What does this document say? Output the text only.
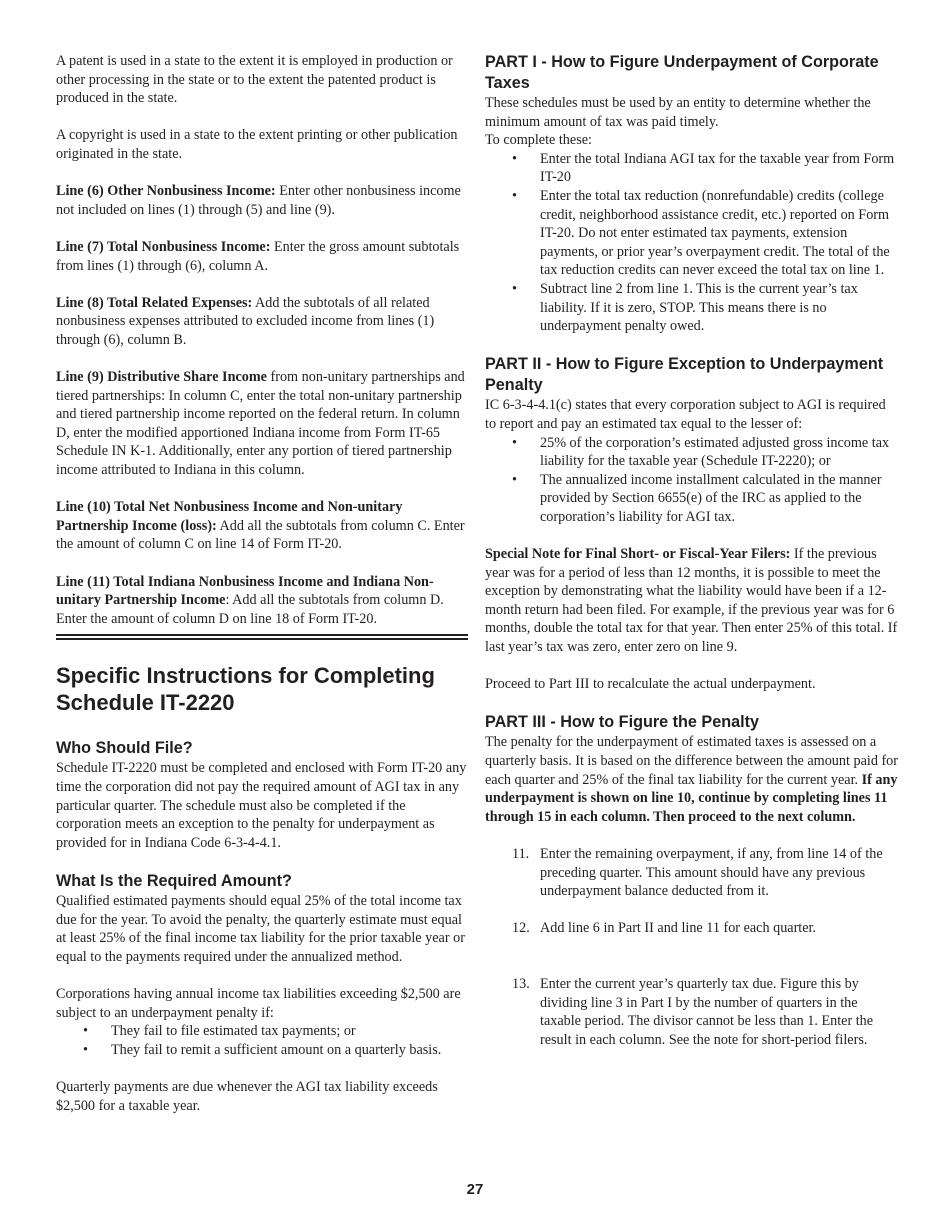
A patent is used in a state to the extent it is employed in production or other processing in the state or to the extent the patented product is produced in the state.

A copyright is used in a state to the extent printing or other publication originated in the state.

Line (6) Other Nonbusiness Income: Enter other nonbusiness income not included on lines (1) through (5) and line (9).

Line (7) Total Nonbusiness Income: Enter the gross amount subtotals from lines (1) through (6), column A.

Line (8) Total Related Expenses: Add the subtotals of all related nonbusiness expenses attributed to excluded income from lines (1) through (6), column B.

Line (9) Distributive Share Income from non-unitary partnerships and tiered partnerships: In column C, enter the total non-unitary partnership and tiered partnership income reported on the federal return. In column D, enter the modified apportioned Indiana income from Form IT-65 Schedule IN K-1. Additionally, enter any portion of tiered partnership income attributed to Indiana in this column.

Line (10) Total Net Nonbusiness Income and Non-unitary Partnership Income (loss): Add all the subtotals from column C. Enter the amount of column C on line 14 of Form IT-20.

Line (11) Total Indiana Nonbusiness Income and Indiana Non-unitary Partnership Income: Add all the subtotals from column D. Enter the amount of column D on line 18 of Form IT-20.

Specific Instructions for Completing Schedule IT-2220
Who Should File?

Schedule IT-2220 must be completed and enclosed with Form IT-20 any time the corporation did not pay the required amount of AGI tax in any particular quarter. The schedule must also be completed if the corporation meets an exception to the penalty for underpayment as provided for in Indiana Code 6-3-4-4.1.

What Is the Required Amount?

Qualified estimated payments should equal 25% of the total income tax due for the year. To avoid the penalty, the quarterly estimate must equal at least 25% of the final income tax liability for the prior taxable year or equal to the payments required under the annualized method.

Corporations having annual income tax liabilities exceeding $2,500 are subject to an underpayment penalty if:
• They fail to file estimated tax payments; or
• They fail to remit a sufficient amount on a quarterly basis.

Quarterly payments are due whenever the AGI tax liability exceeds $2,500 for a taxable year.

PART I - How to Figure Underpayment of Corporate Taxes
These schedules must be used by an entity to determine whether the minimum amount of tax was paid timely.
To complete these:
• Enter the total Indiana AGI tax for the taxable year from Form IT-20
• Enter the total tax reduction (nonrefundable) credits (college credit, neighborhood assistance credit, etc.) reported on Form IT-20. Do not enter estimated tax payments, extension payments, or prior year’s overpayment credit. The total of the tax reduction credits can never exceed the total tax on line 1.
• Subtract line 2 from line 1. This is the current year’s tax liability. If it is zero, STOP. This means there is no underpayment penalty owed.
PART II - How to Figure Exception to Underpayment Penalty
IC 6-3-4-4.1(c) states that every corporation subject to AGI is required to report and pay an estimated tax equal to the lesser of:
• 25% of the corporation’s estimated adjusted gross income tax liability for the taxable year (Schedule IT-2220); or
• The annualized income installment calculated in the manner provided by Section 6655(e) of the IRC as applied to the corporation’s liability for AGI tax.

Special Note for Final Short- or Fiscal-Year Filers: If the previous year was for a period of less than 12 months, it is possible to meet the exception by demonstrating what the liability would have been if a 12-month return had been filed. For example, if the previous year was for 6 months, double the total tax for that year. Then enter 25% of this total. If last year’s tax was zero, enter zero on line 9.

Proceed to Part III to recalculate the actual underpayment.

PART III - How to Figure the Penalty

The penalty for the underpayment of estimated taxes is assessed on a quarterly basis. It is based on the difference between the amount paid for each quarter and 25% of the final tax liability for the current year. If any underpayment is shown on line 10, continue by completing lines 11 through 15 in each column. Then proceed to the next column.

11. Enter the remaining overpayment, if any, from line 14 of the preceding quarter. This amount should have any previous underpayment balance deducted from it.
12. Add line 6 in Part II and line 11 for each quarter.
13. Enter the current year’s quarterly tax due. Figure this by dividing line 3 in Part I by the number of quarters in the taxable period. The divisor cannot be less than 1. Enter the result in each column. See the note for short-period filers.
27
